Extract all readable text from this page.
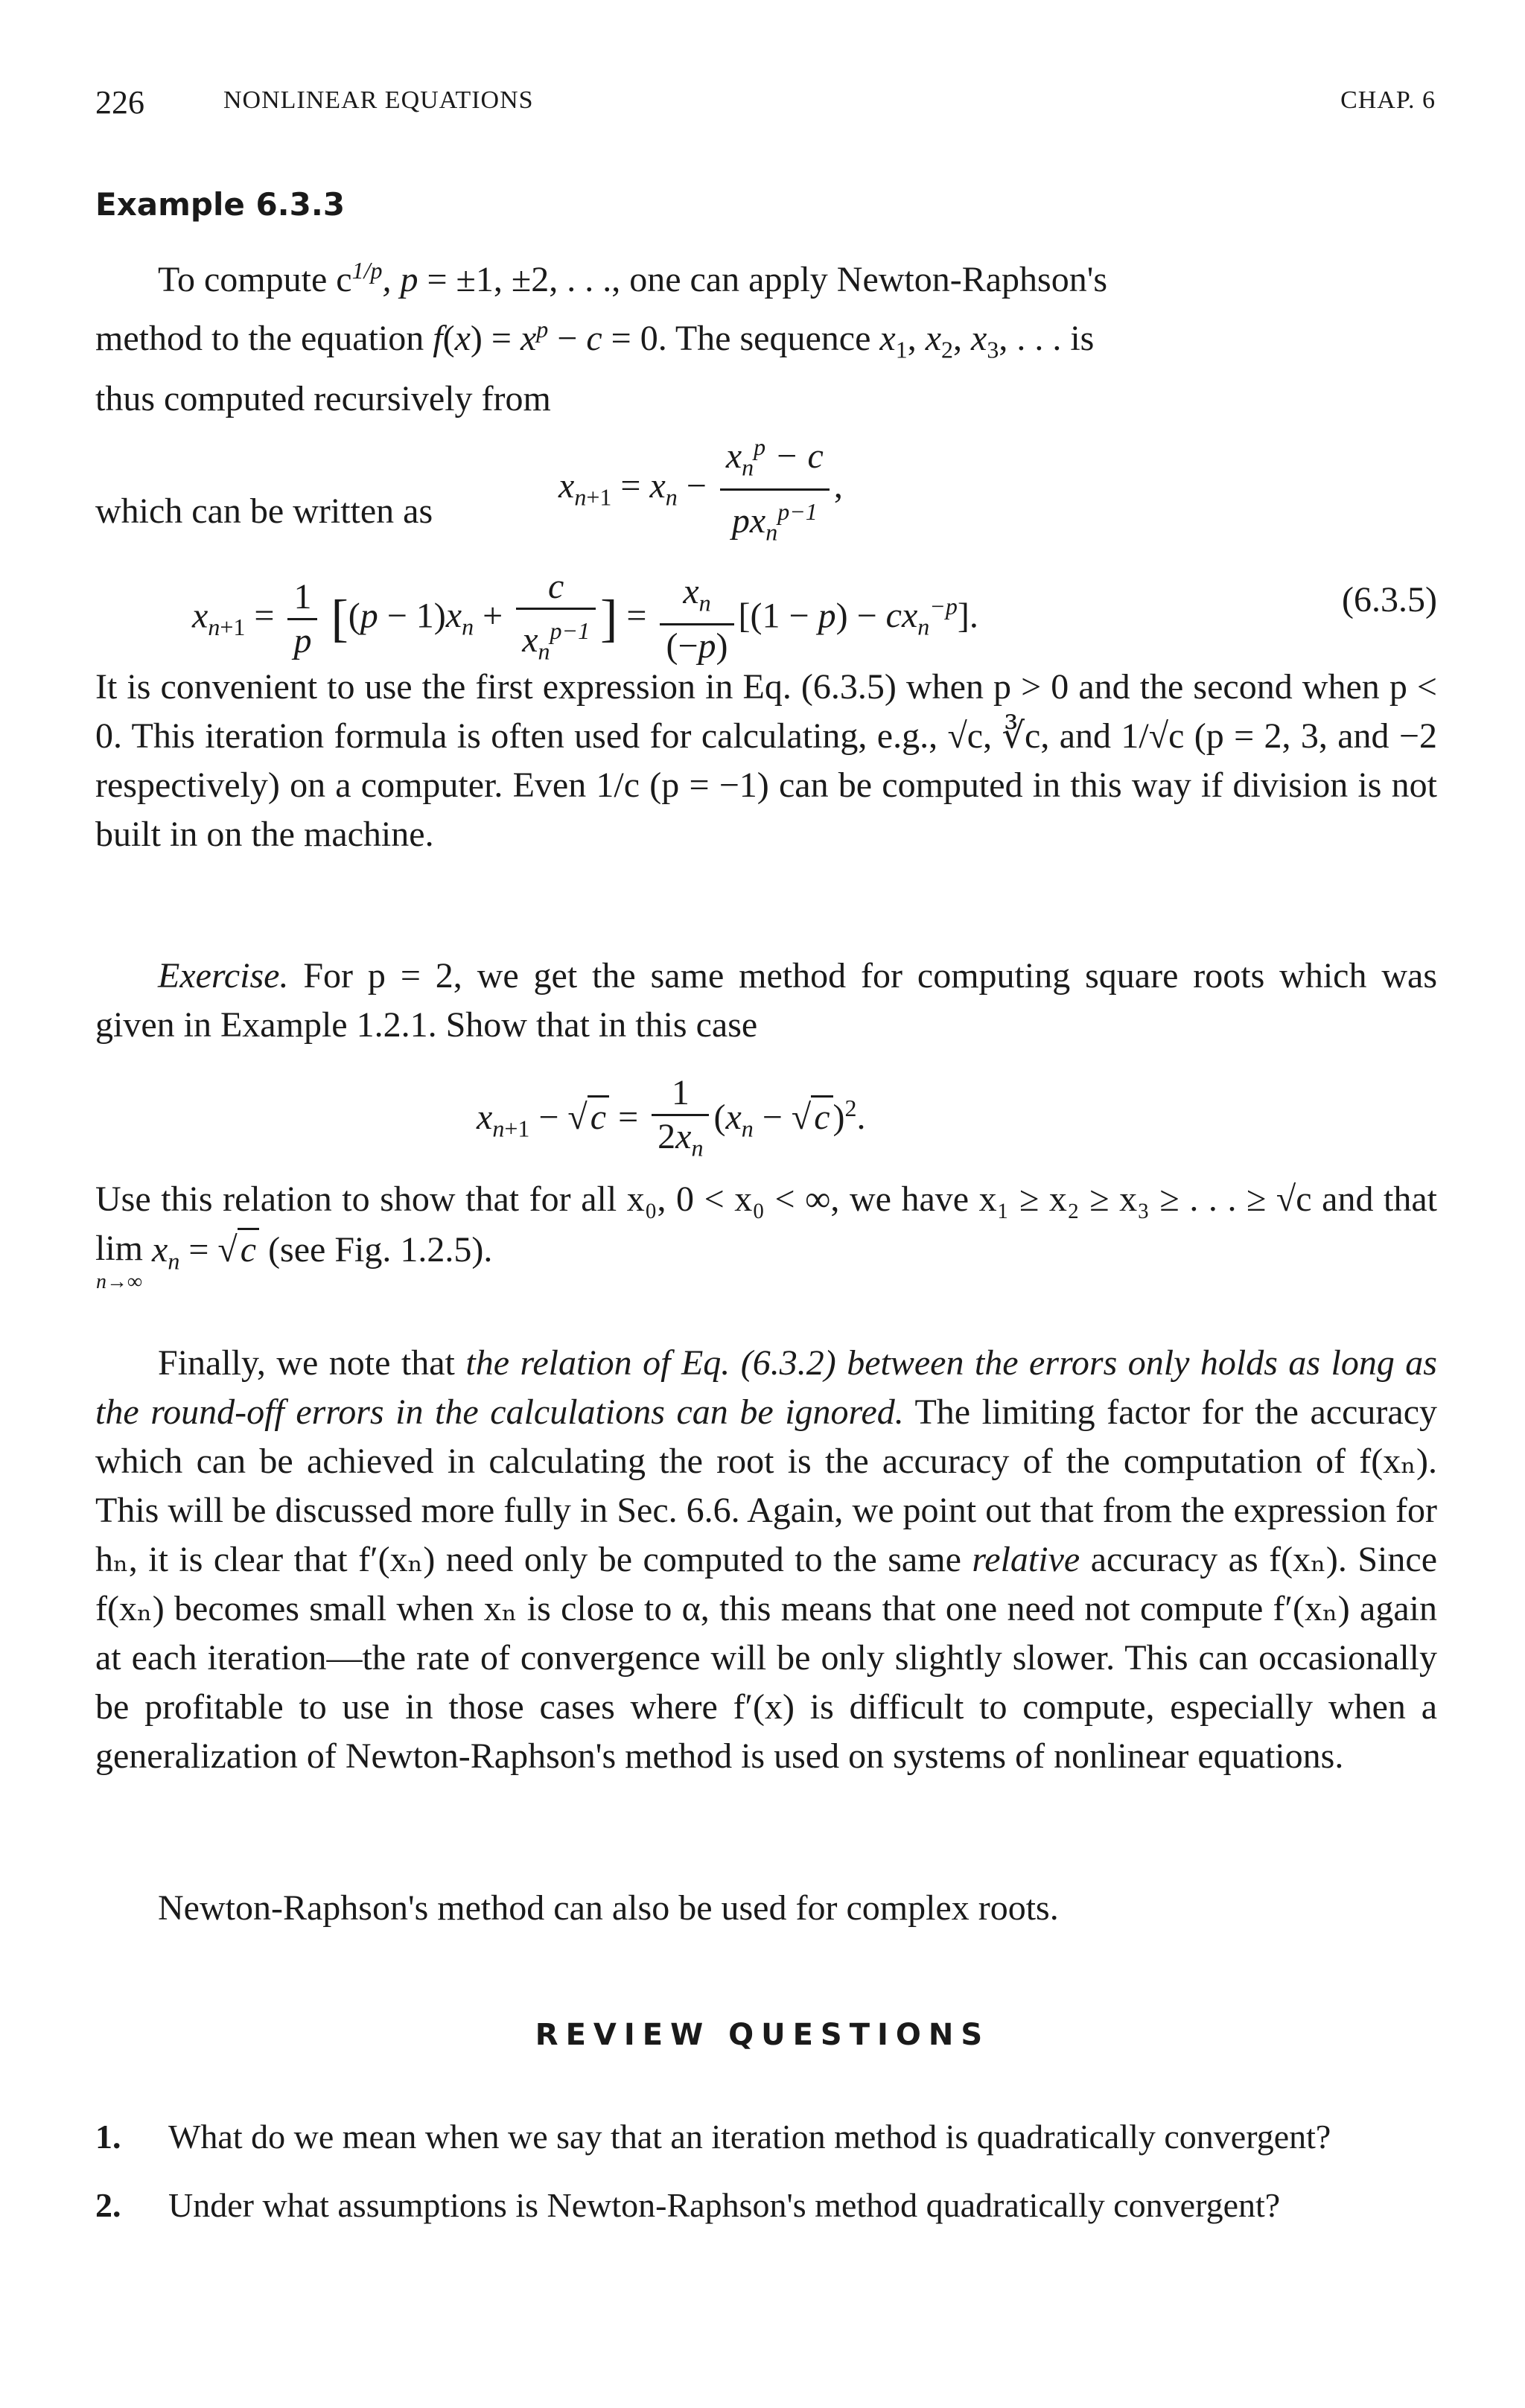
226	NONLINEAR EQUATIONS	CHAP. 6
Example 6.3.3
To compute $c^{1/p}$, p = ±1, ±2, . . ., one can apply Newton-Raphson's
method to the equation $f(x) = x^p - c = 0$. The sequence $x_1$, $x_2$, $x_3$, . . . is
thus computed recursively from
$x_{n+1} = x_n - \frac{x_n^p - c}{px_n^{p-1}}$ ,
which can be written as
$x_{n+1} = \frac{1}{p} [(p - 1)x_n + \frac{c}{x_n^{p-1}}$ ] = $\frac{x_n}{(-p)} [(1 - p) - cx_n^{-p}]$.	(6.3.5)
It is convenient to use the first expression in Eq. (6.3.5) when p > 0 and the second when p < 0. This iteration formula is often used for calculating, e.g., √c, ∛c, and 1/√c (p = 2, 3, and −2 respectively) on a computer. Even 1/c (p = −1) can be computed in this way if division is not built in on the machine.
Exercise. For p = 2, we get the same method for computing square roots which was given in Example 1.2.1. Show that in this case
$x_{n+1} - √c = \frac{1}{2x_n} (x_n - √c)^2$.
Use this relation to show that for all x₀, 0 < x₀ < ∞, we have x₁ ≥ x₂ ≥ x₃ ≥ . . . ≥ √c and that lim
n→∞
$x_n = √c$ (see Fig. 1.2.5).
Finally, we note that the relation of Eq. (6.3.2) between the errors only holds as long as the round-off errors in the calculations can be ignored. The limiting factor for the accuracy which can be achieved in calculating the root is the accuracy of the computation of f(xₙ). This will be discussed more fully in Sec. 6.6. Again, we point out that from the expression for hₙ, it is clear that f′(xₙ) need only be computed to the same relative accuracy as f(xₙ). Since f(xₙ) becomes small when xₙ is close to α, this means that one need not compute f′(xₙ) again at each iteration—the rate of convergence will be only slightly slower. This can occasionally be profitable to use in those cases where f′(x) is difficult to compute, especially when a generalization of Newton-Raphson's method is used on systems of nonlinear equations.
Newton-Raphson's method can also be used for complex roots.
REVIEW QUESTIONS
1. What do we mean when we say that an iteration method is quadratically convergent?
2. Under what assumptions is Newton-Raphson's method quadratically convergent?
